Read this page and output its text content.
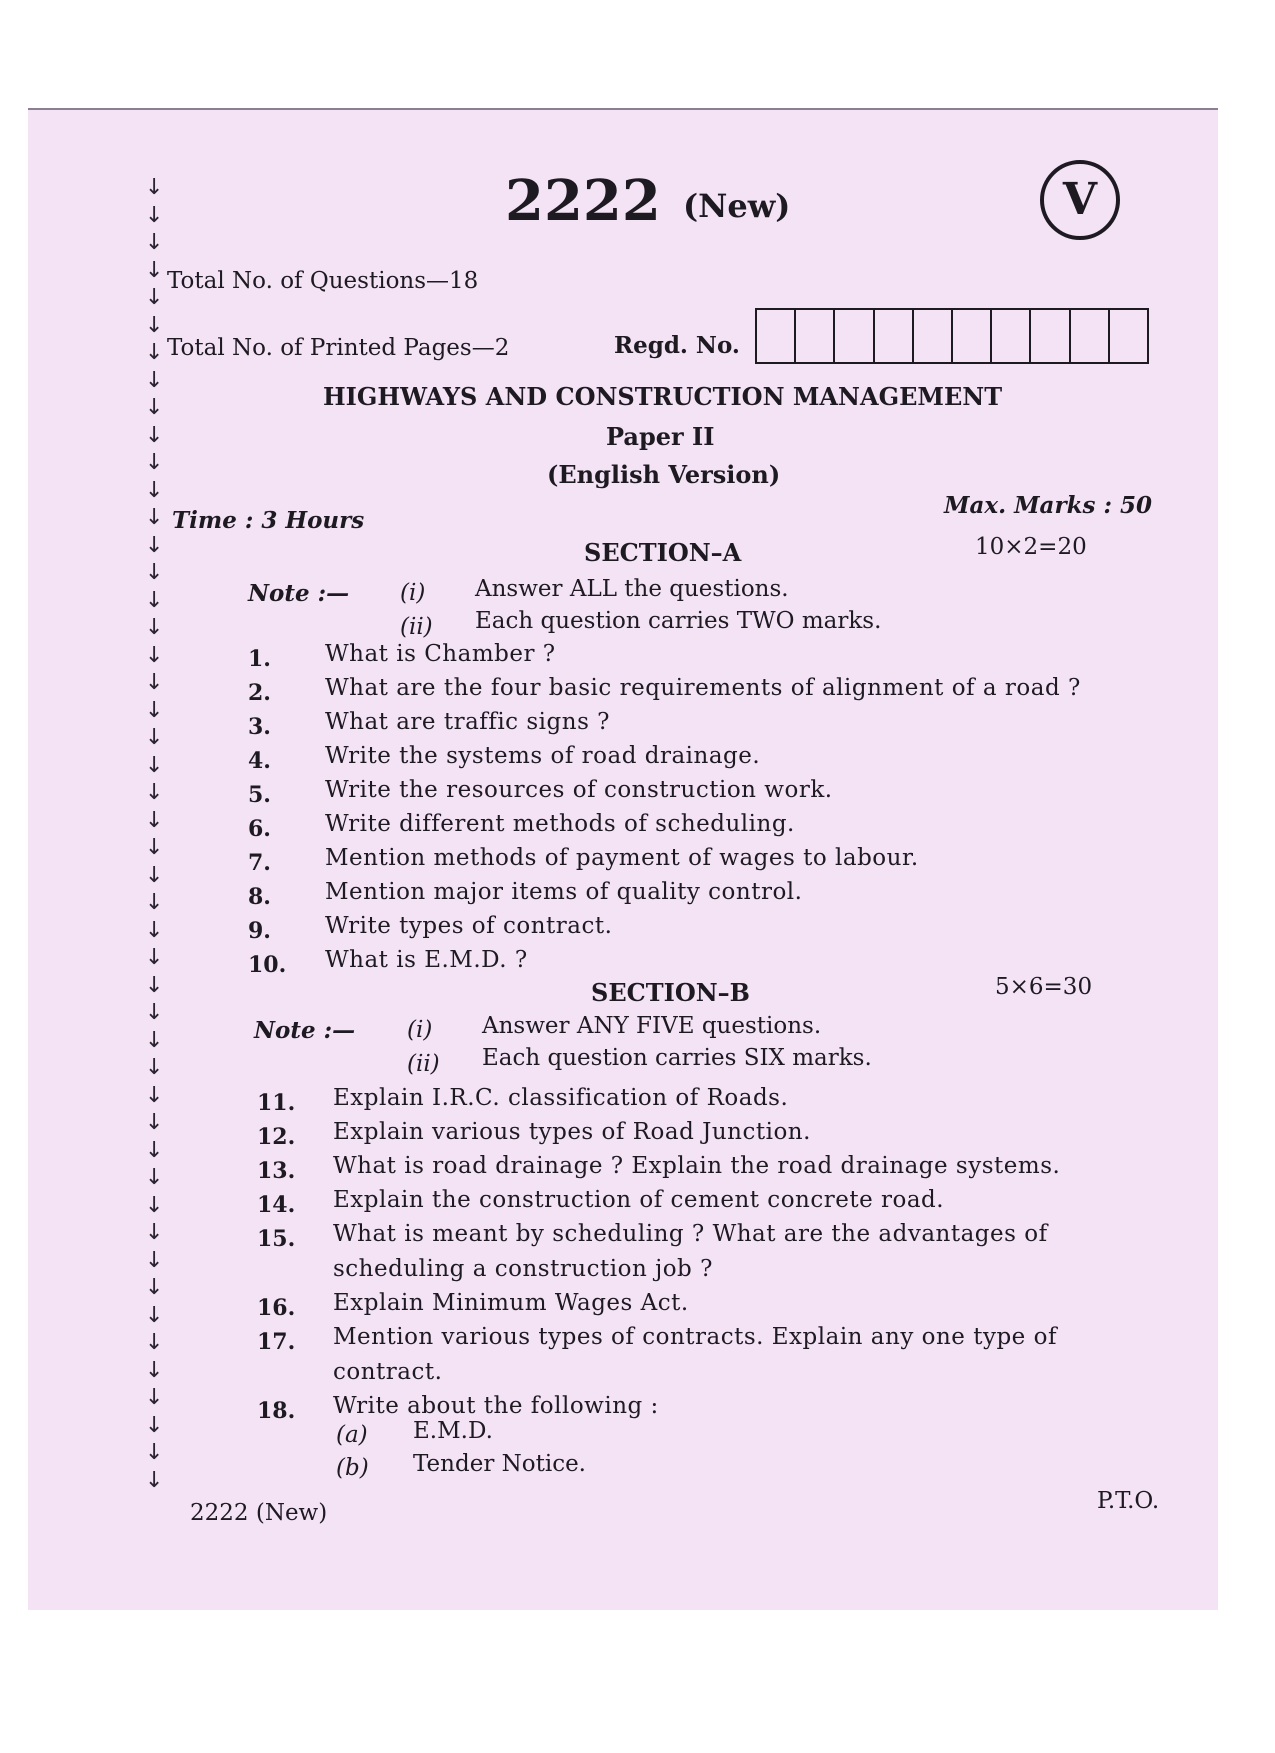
↓
↓
↓
↓
↓
↓
↓
↓
↓
↓
↓
↓
↓
↓
↓
↓
↓
↓
↓
↓
↓
↓
↓
↓
↓
↓
↓
↓
↓
↓
↓
↓
↓
↓
↓
↓
↓
↓
↓
↓
↓
↓
↓
↓
↓
↓
↓
↓
2222 (New)	V
Total No. of Questions—18
Total No. of Printed Pages—2	Regd. No.
HIGHWAYS AND CONSTRUCTION MANAGEMENT
Paper II
(English Version)
Time : 3 Hours
Max. Marks : 50
SECTION–A	10×2=20
Note :— (i) Answer ALL the questions.
(ii) Each question carries TWO marks.
1. What is Chamber ?
2. What are the four basic requirements of alignment of a road ?
3. What are traffic signs ?
4. Write the systems of road drainage.
5. Write the resources of construction work.
6. Write different methods of scheduling.
7. Mention methods of payment of wages to labour.
8. Mention major items of quality control.
9. Write types of contract.
10. What is E.M.D. ?
SECTION–B	5×6=30
Note :— (i) Answer ANY FIVE questions.
(ii) Each question carries SIX marks.
11. Explain I.R.C. classification of Roads.
12. Explain various types of Road Junction.
13. What is road drainage ? Explain the road drainage systems.
14. Explain the construction of cement concrete road.
15. What is meant by scheduling ? What are the advantages of
scheduling a construction job ?
16. Explain Minimum Wages Act.
17. Mention various types of contracts. Explain any one type of
contract.
18. Write about the following :
(a) E.M.D.
(b) Tender Notice.
2222 (New)	P.T.O.
